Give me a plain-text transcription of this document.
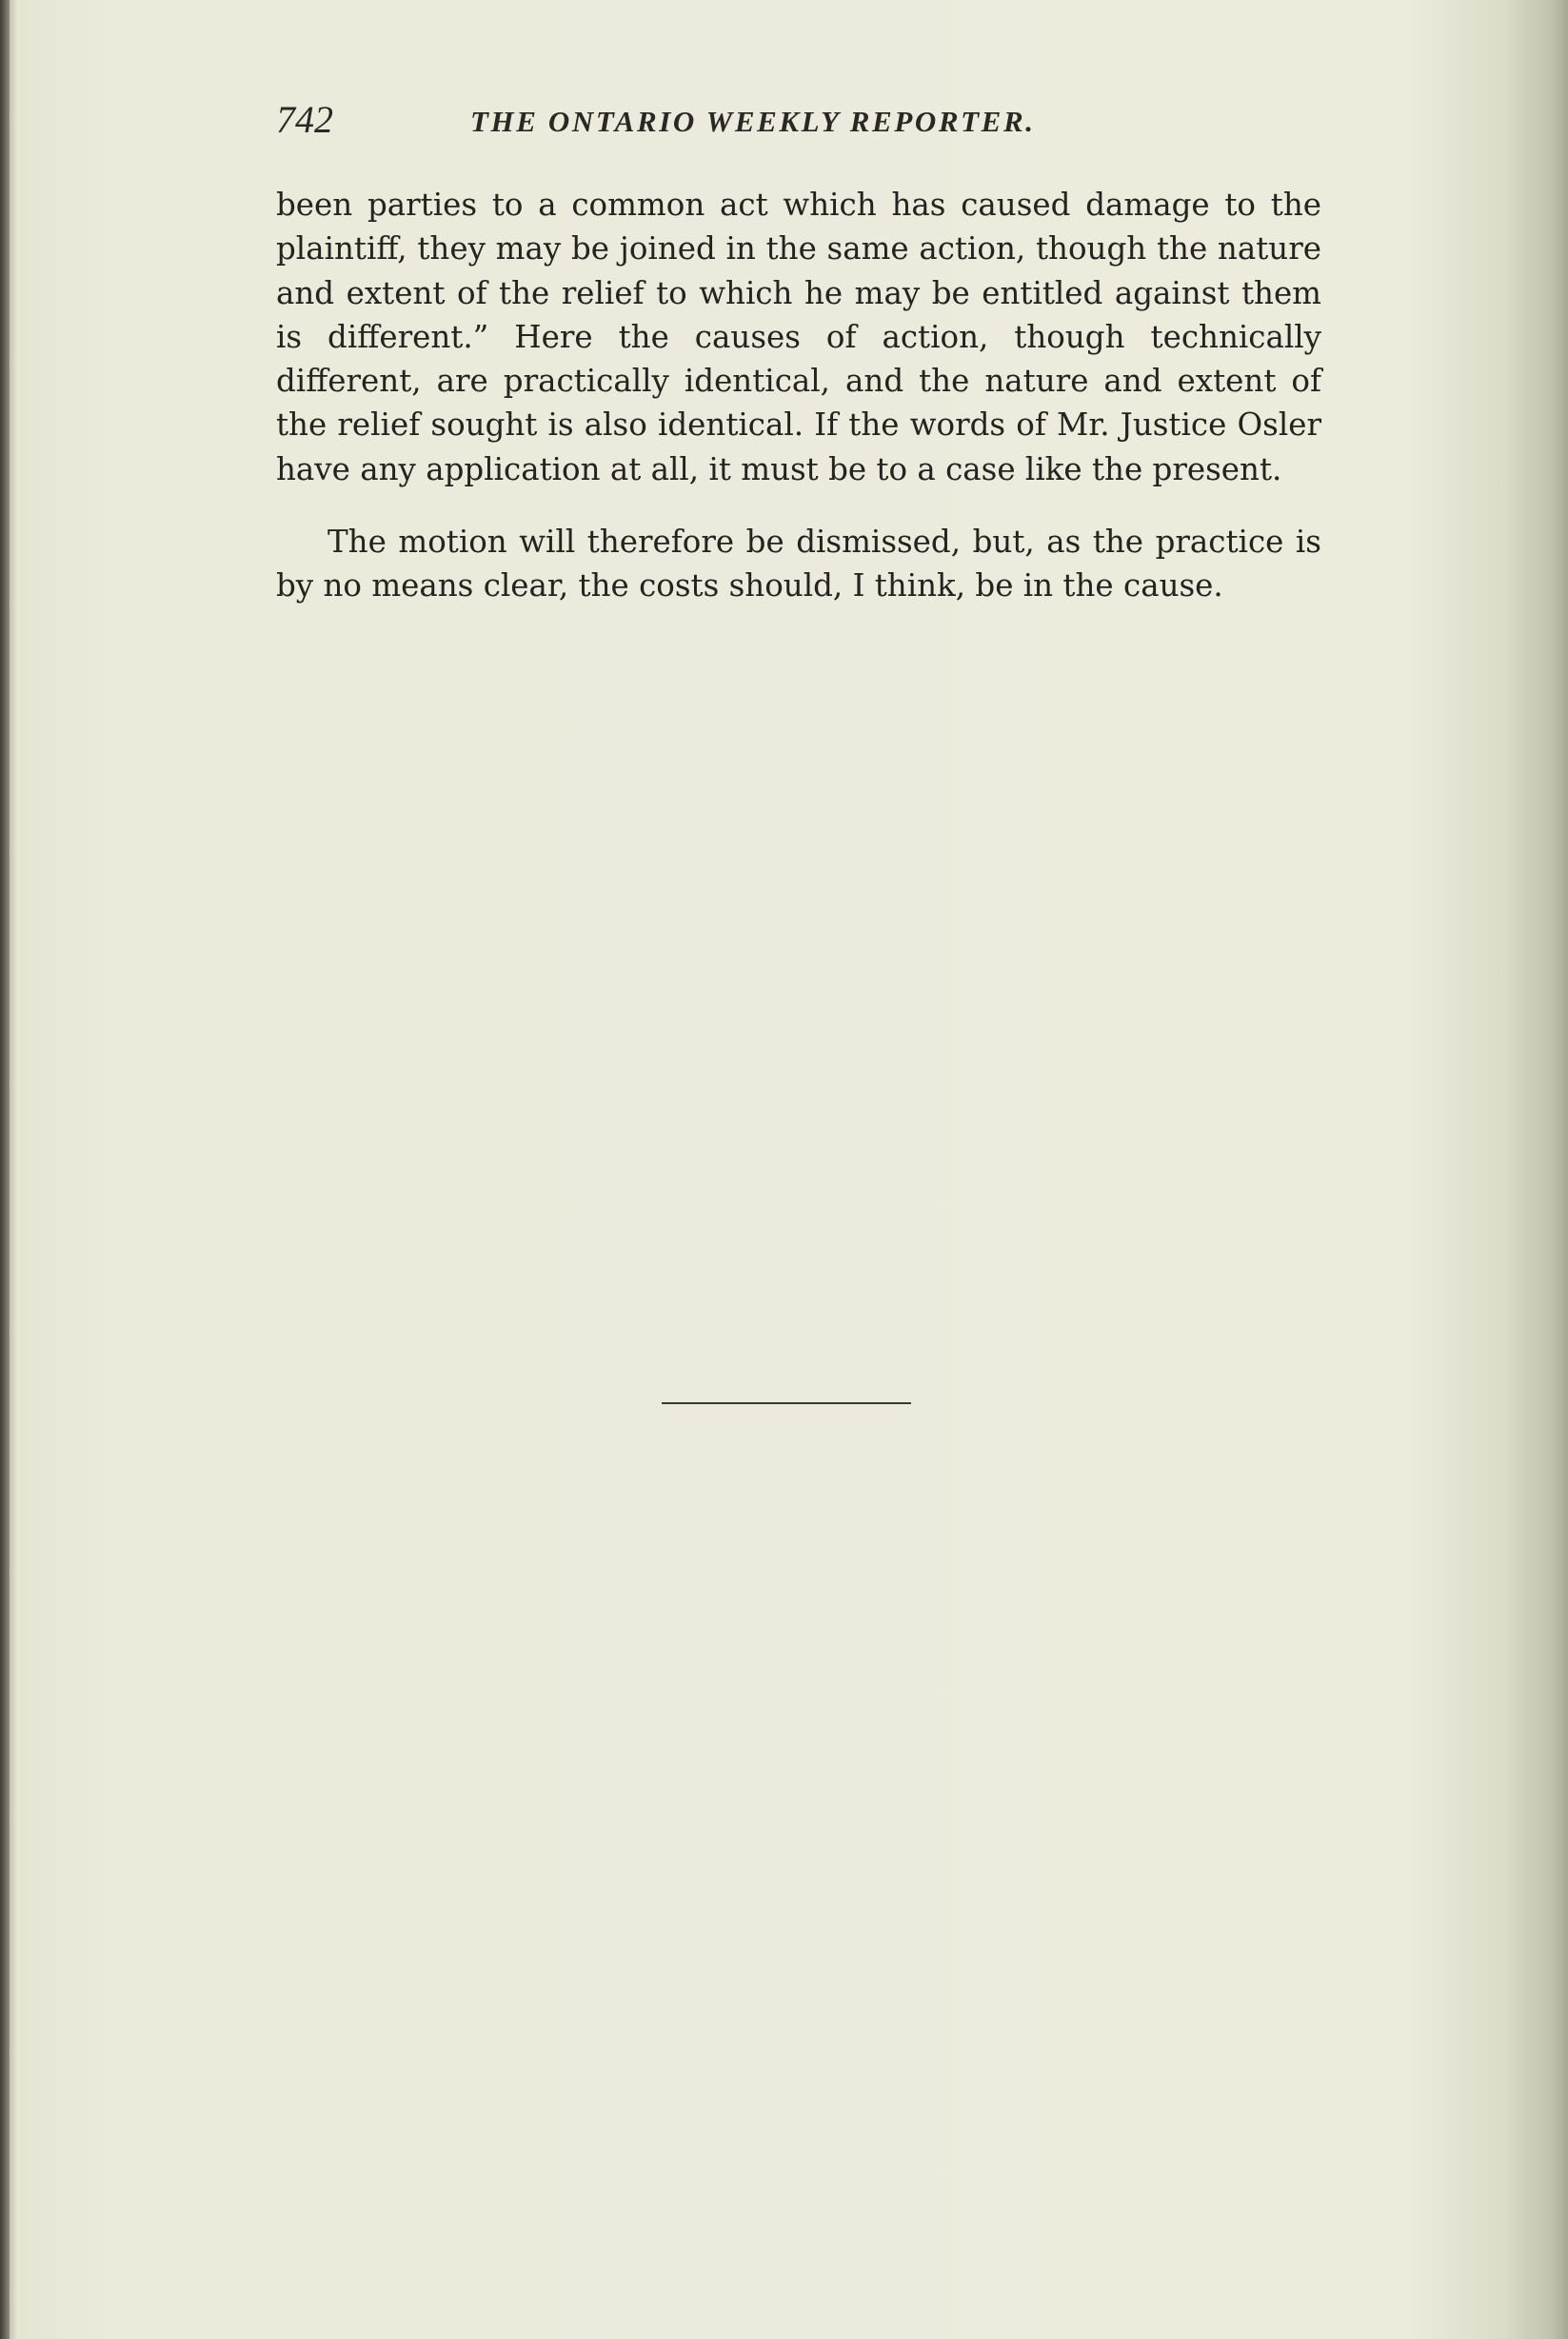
742	THE ONTARIO WEEKLY REPORTER.

been parties to a common act which has caused damage to the plaintiff, they may be joined in the same action, though the nature and extent of the relief to which he may be entitled against them is different.” Here the causes of action, though technically different, are practically identical, and the nature and extent of the relief sought is also identical. If the words of Mr. Justice Osler have any application at all, it must be to a case like the present.

The motion will therefore be dismissed, but, as the practice is by no means clear, the costs should, I think, be in the cause.
